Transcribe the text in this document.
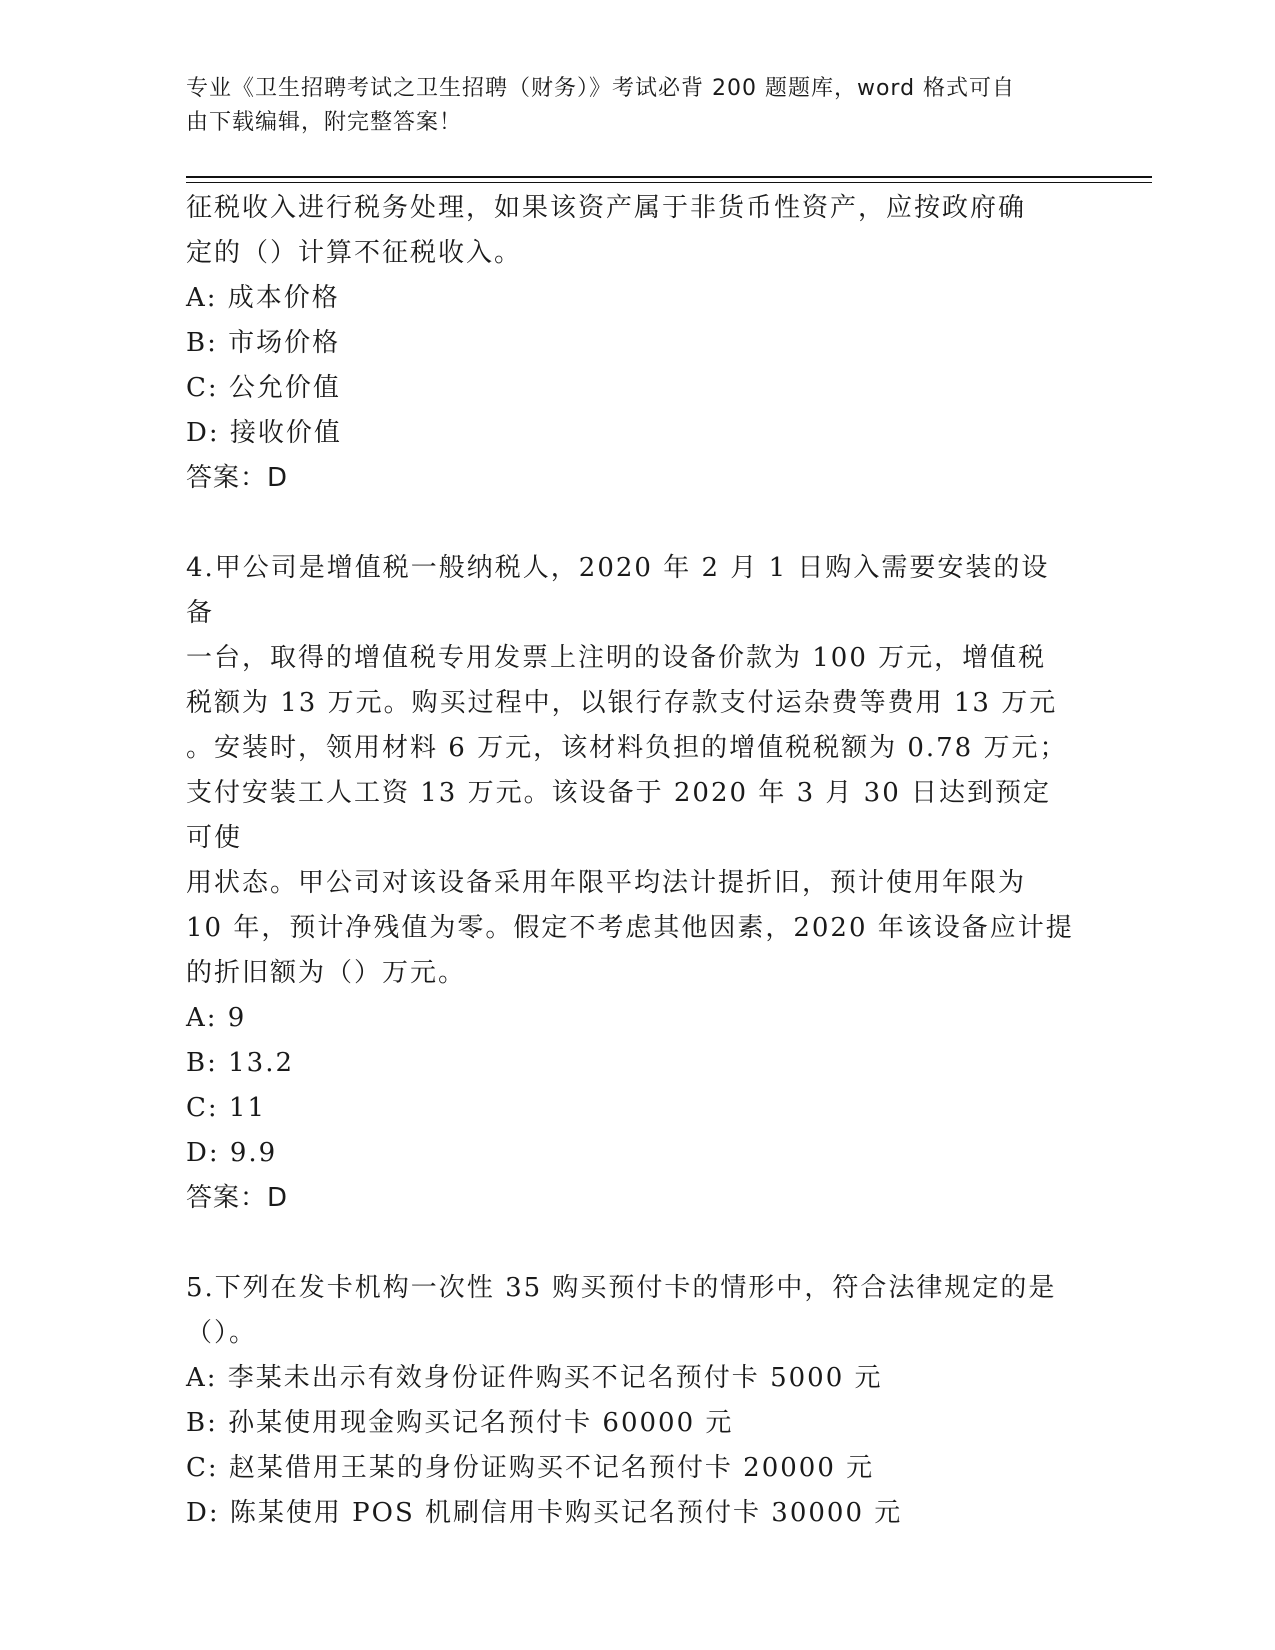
专业《卫生招聘考试之卫生招聘（财务）》考试必背 200 题题库，word 格式可自
由下载编辑，附完整答案！

征税收入进行税务处理，如果该资产属于非货币性资产，应按政府确

定的（）计算不征税收入。

A: 成本价格

B: 市场价格

C: 公允价值

D: 接收价值

答案：D

4.甲公司是增值税一般纳税人，2020 年 2 月 1 日购入需要安装的设备

一台，取得的增值税专用发票上注明的设备价款为 100 万元，增值税

税额为 13 万元。购买过程中，以银行存款支付运杂费等费用 13 万元

。安装时，领用材料 6 万元，该材料负担的增值税税额为 0.78 万元；

支付安装工人工资 13 万元。该设备于 2020 年 3 月 30 日达到预定可使

用状态。甲公司对该设备采用年限平均法计提折旧，预计使用年限为

10 年，预计净残值为零。假定不考虑其他因素，2020 年该设备应计提

的折旧额为（）万元。

A: 9

B: 13.2

C: 11

D: 9.9

答案：D

5.下列在发卡机构一次性 35 购买预付卡的情形中，符合法律规定的是

（）。

A: 李某未出示有效身份证件购买不记名预付卡 5000 元

B: 孙某使用现金购买记名预付卡 60000 元

C: 赵某借用王某的身份证购买不记名预付卡 20000 元

D: 陈某使用 POS 机刷信用卡购买记名预付卡 30000 元
